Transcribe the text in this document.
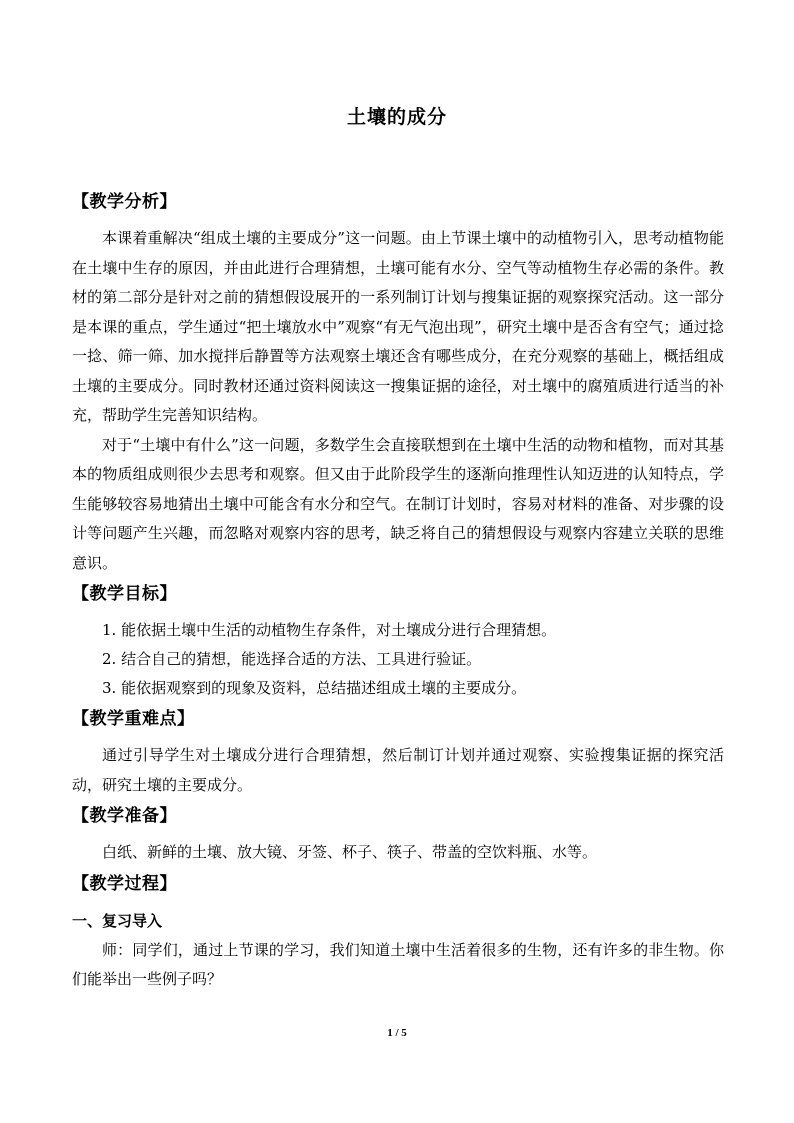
土壤的成分
【教学分析】

本课着重解决“组成土壤的主要成分”这一问题。由上节课土壤中的动植物引入，思考动植物能在土壤中生存的原因，并由此进行合理猜想，土壤可能有水分、空气等动植物生存必需的条件。教材的第二部分是针对之前的猜想假设展开的一系列制订计划与搜集证据的观察探究活动。这一部分是本课的重点，学生通过“把土壤放水中”观察“有无气泡出现”，研究土壤中是否含有空气；通过捻一捻、筛一筛、加水搅拌后静置等方法观察土壤还含有哪些成分，在充分观察的基础上，概括组成土壤的主要成分。同时教材还通过资料阅读这一搜集证据的途径，对土壤中的腐殖质进行适当的补充，帮助学生完善知识结构。

对于“土壤中有什么”这一问题，多数学生会直接联想到在土壤中生活的动物和植物，而对其基本的物质组成则很少去思考和观察。但又由于此阶段学生的逐渐向推理性认知迈进的认知特点，学生能够较容易地猜出土壤中可能含有水分和空气。在制订计划时，容易对材料的准备、对步骤的设计等问题产生兴趣，而忽略对观察内容的思考，缺乏将自己的猜想假设与观察内容建立关联的思维意识。

【教学目标】
1. 能依据土壤中生活的动植物生存条件，对土壤成分进行合理猜想。
2. 结合自己的猜想，能选择合适的方法、工具进行验证。
3. 能依据观察到的现象及资料，总结描述组成土壤的主要成分。
【教学重难点】

通过引导学生对土壤成分进行合理猜想，然后制订计划并通过观察、实验搜集证据的探究活动，研究土壤的主要成分。

【教学准备】

白纸、新鲜的土壤、放大镜、牙签、杯子、筷子、带盖的空饮料瓶、水等。

【教学过程】
一、复习导入

师：同学们，通过上节课的学习，我们知道土壤中生活着很多的生物，还有许多的非生物。你们能举出一些例子吗？

1 / 5
